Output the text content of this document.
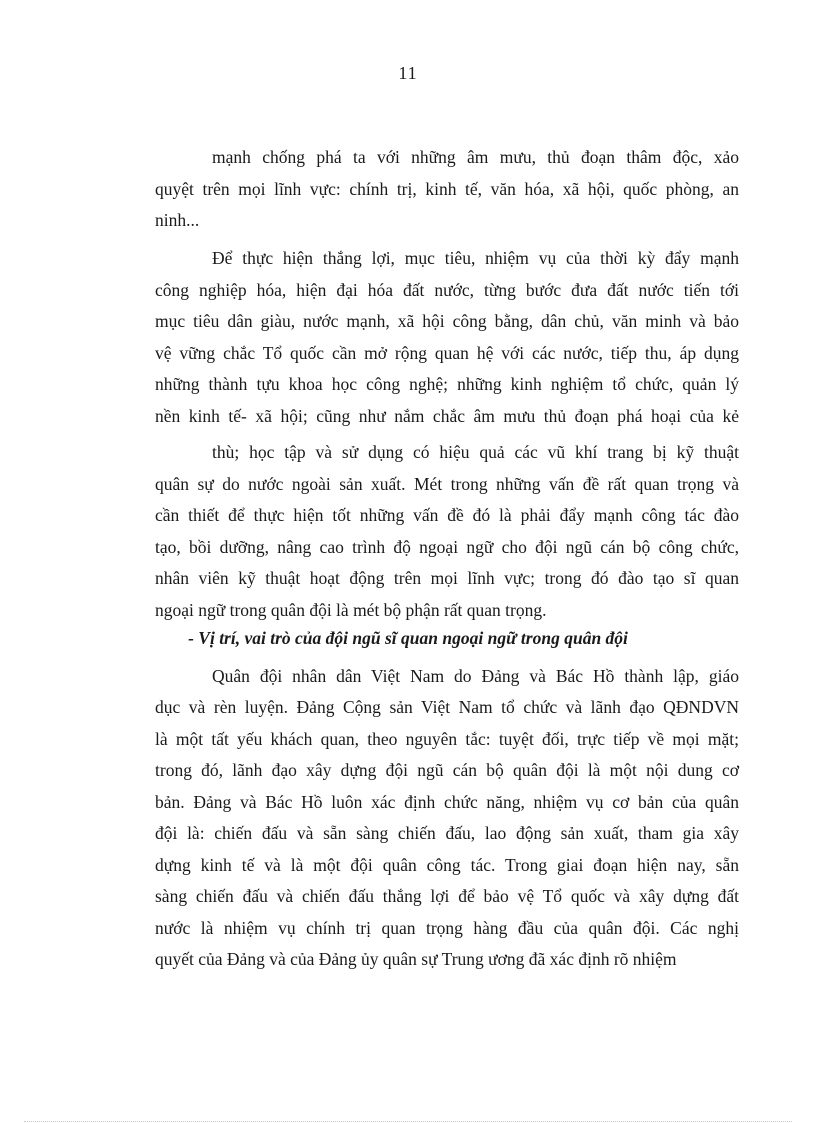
11
mạnh chống phá ta với những âm mưu, thủ đoạn thâm độc, xảo
quyệt trên mọi lĩnh vực: chính trị, kinh tế, văn hóa, xã hội, quốc phòng, an
ninh...
Để thực hiện thắng lợi, mục tiêu, nhiệm vụ của thời kỳ đẩy mạnh
công nghiệp hóa, hiện đại hóa đất nước, từng bước đưa đất nước tiến tới
mục tiêu dân giàu, nước mạnh, xã hội công bằng, dân chủ, văn minh và bảo
vệ vững chắc Tổ quốc cần mở rộng quan hệ với các nước, tiếp thu, áp dụng
những thành tựu khoa học công nghệ; những kinh nghiệm tổ chức, quản lý
nền kinh tế- xã hội; cũng như nắm chắc âm mưu thủ đoạn phá hoại của kẻ
thù; học tập và sử dụng có hiệu quả các vũ khí trang bị kỹ thuật
quân sự do nước ngoài sản xuất. Mét trong những vấn đề rất quan trọng và
cần thiết để thực hiện tốt những vấn đề đó là phải đẩy mạnh công tác đào
tạo, bồi dưỡng, nâng cao trình độ ngoại ngữ cho đội ngũ cán bộ công chức,
nhân viên kỹ thuật hoạt động trên mọi lĩnh vực; trong đó đào tạo sĩ quan
ngoại ngữ trong quân đội là mét bộ phận rất quan trọng.
- Vị trí, vai trò của đội ngũ sĩ quan ngoại ngữ trong quân đội
Quân đội nhân dân Việt Nam do Đảng và Bác Hồ thành lập, giáo
dục và rèn luyện. Đảng Cộng sản Việt Nam tổ chức và lãnh đạo QĐNDVN
là một tất yếu khách quan, theo nguyên tắc: tuyệt đối, trực tiếp về mọi mặt;
trong đó, lãnh đạo xây dựng đội ngũ cán bộ quân đội là một nội dung cơ
bản. Đảng và Bác Hồ luôn xác định chức năng, nhiệm vụ cơ bản của quân
đội là: chiến đấu và sẵn sàng chiến đấu, lao động sản xuất, tham gia xây
dựng kinh tế và là một đội quân công tác. Trong giai đoạn hiện nay, sẵn
sàng chiến đấu và chiến đấu thắng lợi để bảo vệ Tổ quốc và xây dựng đất
nước là nhiệm vụ chính trị quan trọng hàng đầu của quân đội. Các nghị
quyết của Đảng và của Đảng ủy quân sự Trung ương đã xác định rõ nhiệm
